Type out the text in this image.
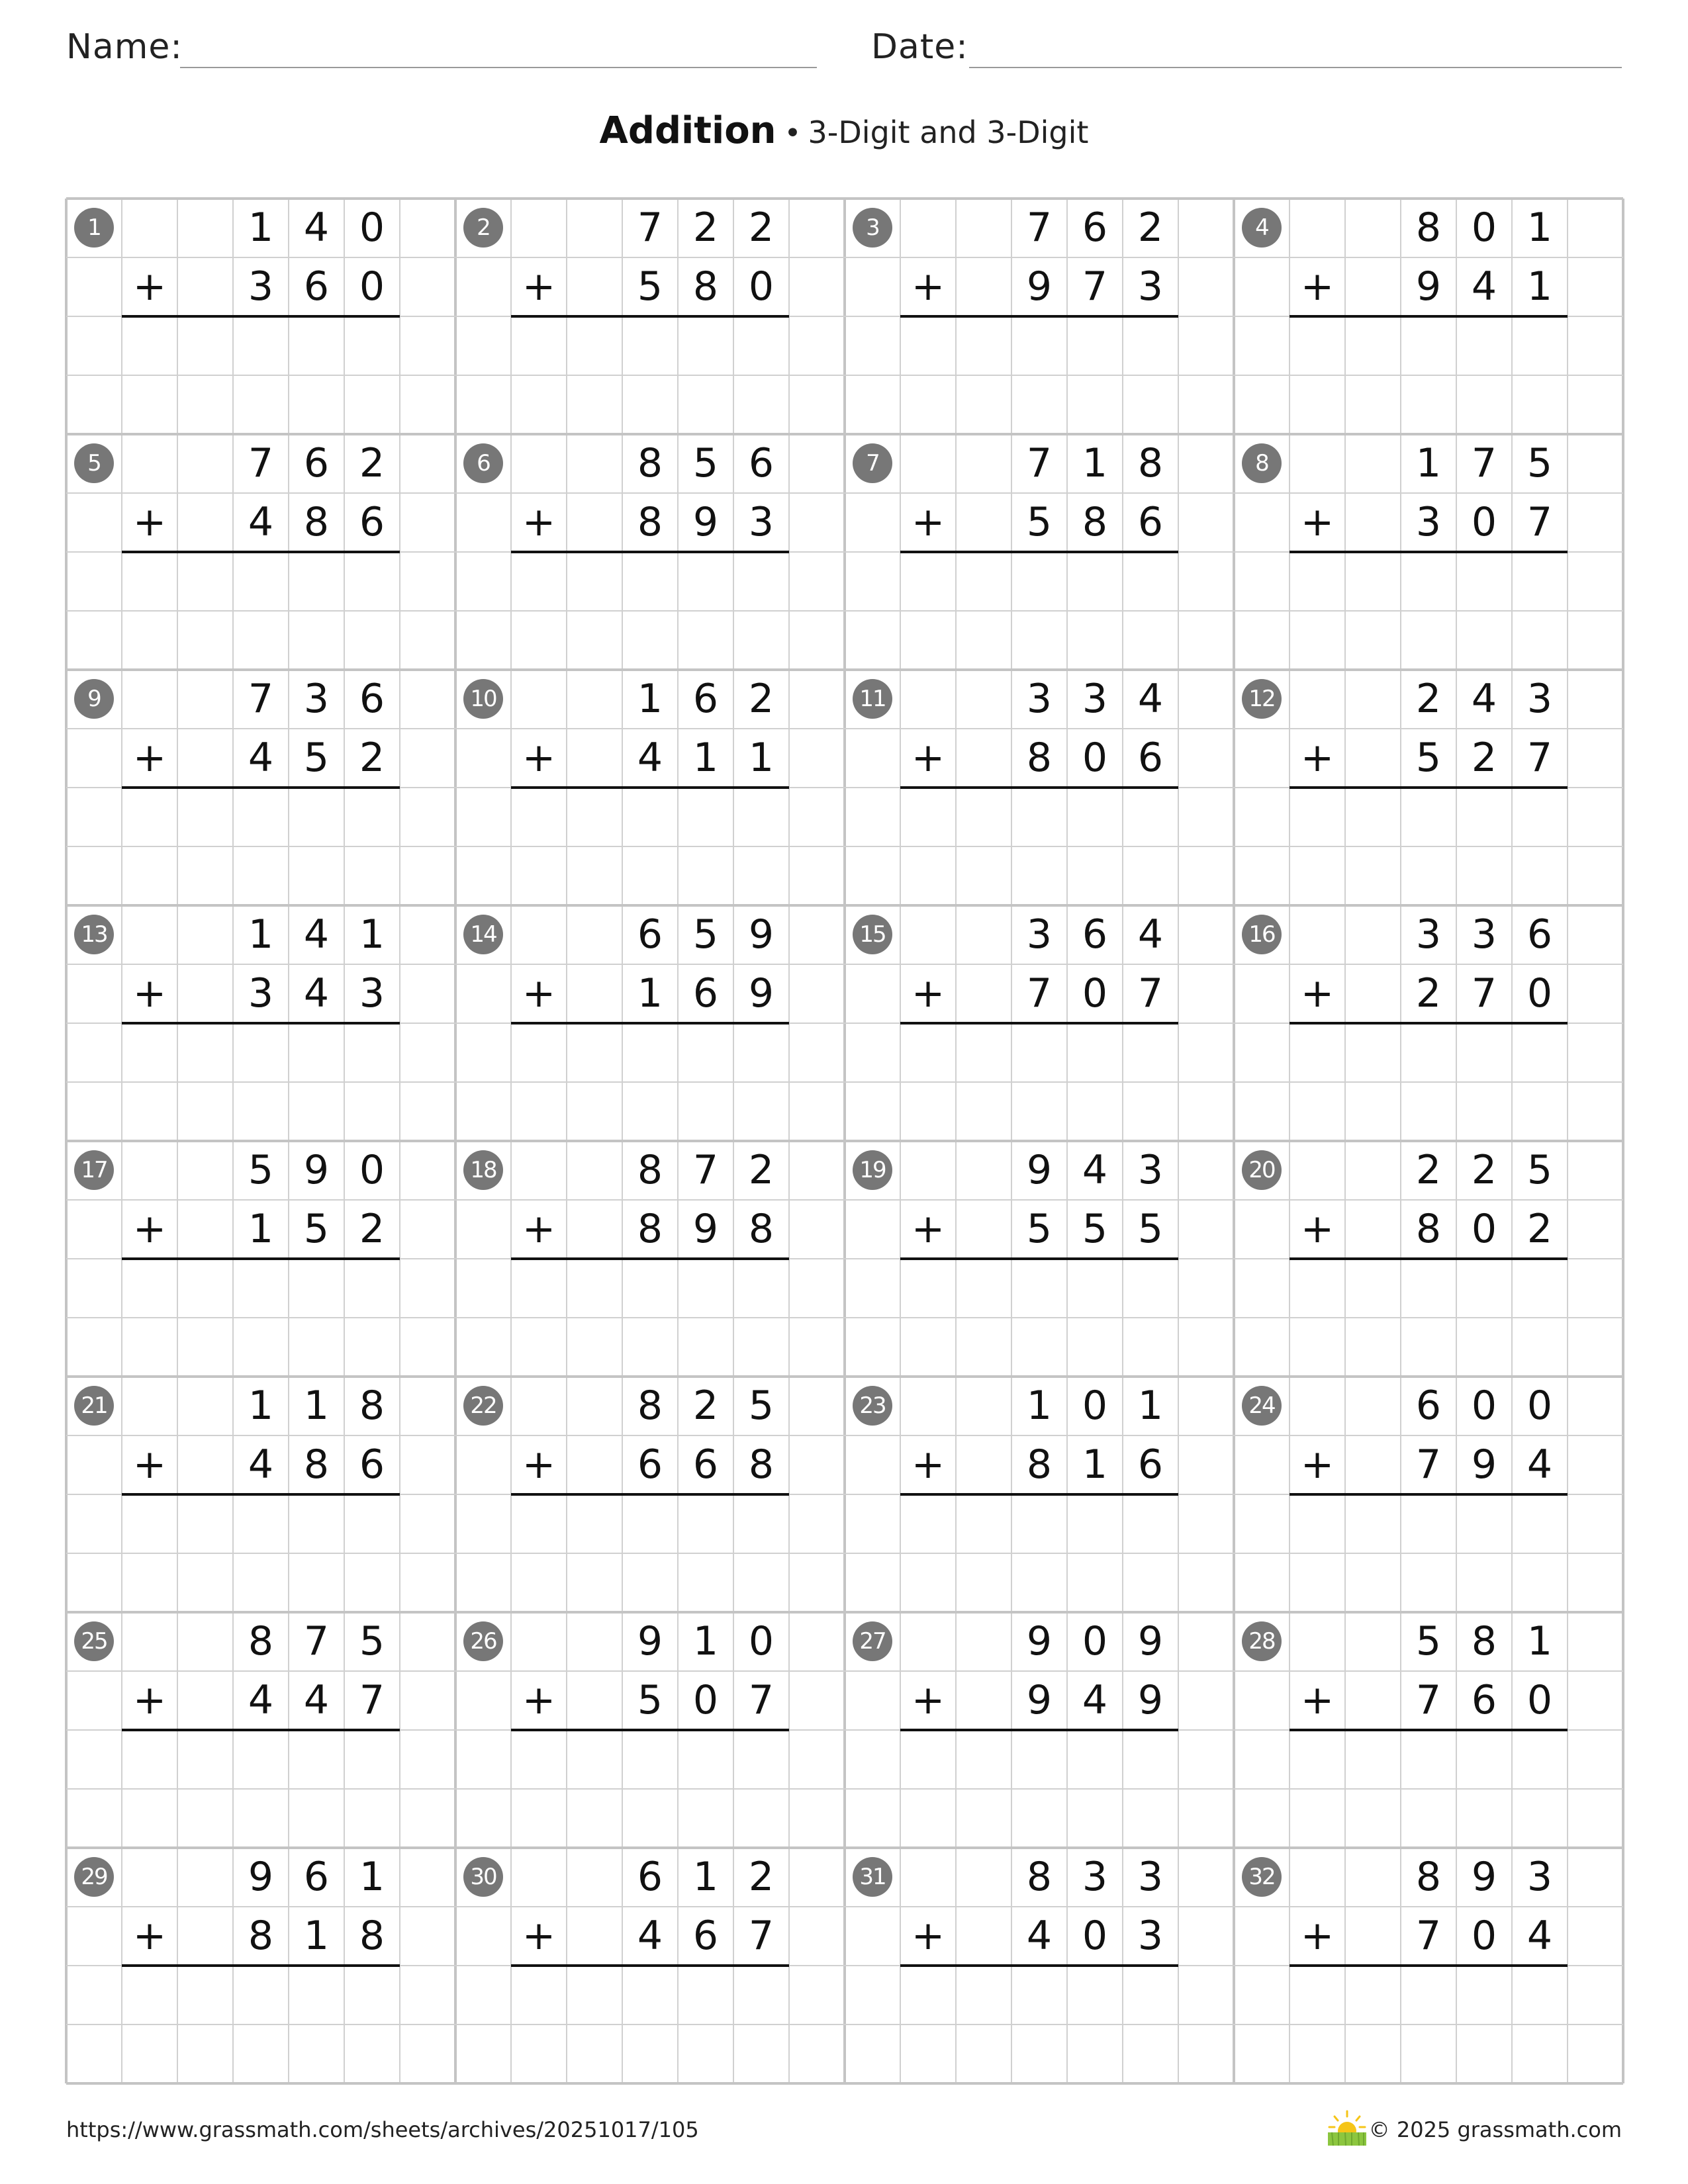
Name:	Date:
Addition • 3-Digit and 3-Digit
1	1 4 0
+	3 6 0
2	7 2 2
+	5 8 0
3	7 6 2
+	9 7 3
4	8 0 1
+	9 4 1
5	7 6 2
+	4 8 6
6	8 5 6
+	8 9 3
7	7 1 8
+	5 8 6
8	1 7 5
+	3 0 7
9	7 3 6
+	4 5 2
10	1 6 2
+	4 1 1
11	3 3 4
+	8 0 6
12	2 4 3
+	5 2 7
13	1 4 1
+	3 4 3
14	6 5 9
+	1 6 9
15	3 6 4
+	7 0 7
16	3 3 6
+	2 7 0
17	5 9 0
+	1 5 2
18	8 7 2
+	8 9 8
19	9 4 3
+	5 5 5
20	2 2 5
+	8 0 2
21	1 1 8
+	4 8 6
22	8 2 5
+	6 6 8
23	1 0 1
+	8 1 6
24	6 0 0
+	7 9 4
25	8 7 5
+	4 4 7
26	9 1 0
+	5 0 7
27	9 0 9
+	9 4 9
28	5 8 1
+	7 6 0
29	9 6 1
+	8 1 8
30	6 1 2
+	4 6 7
31	8 3 3
+	4 0 3
32	8 9 3
+	7 0 4
https://www.grassmath.com/sheets/archives/20251017/105	© 2025 grassmath.com
